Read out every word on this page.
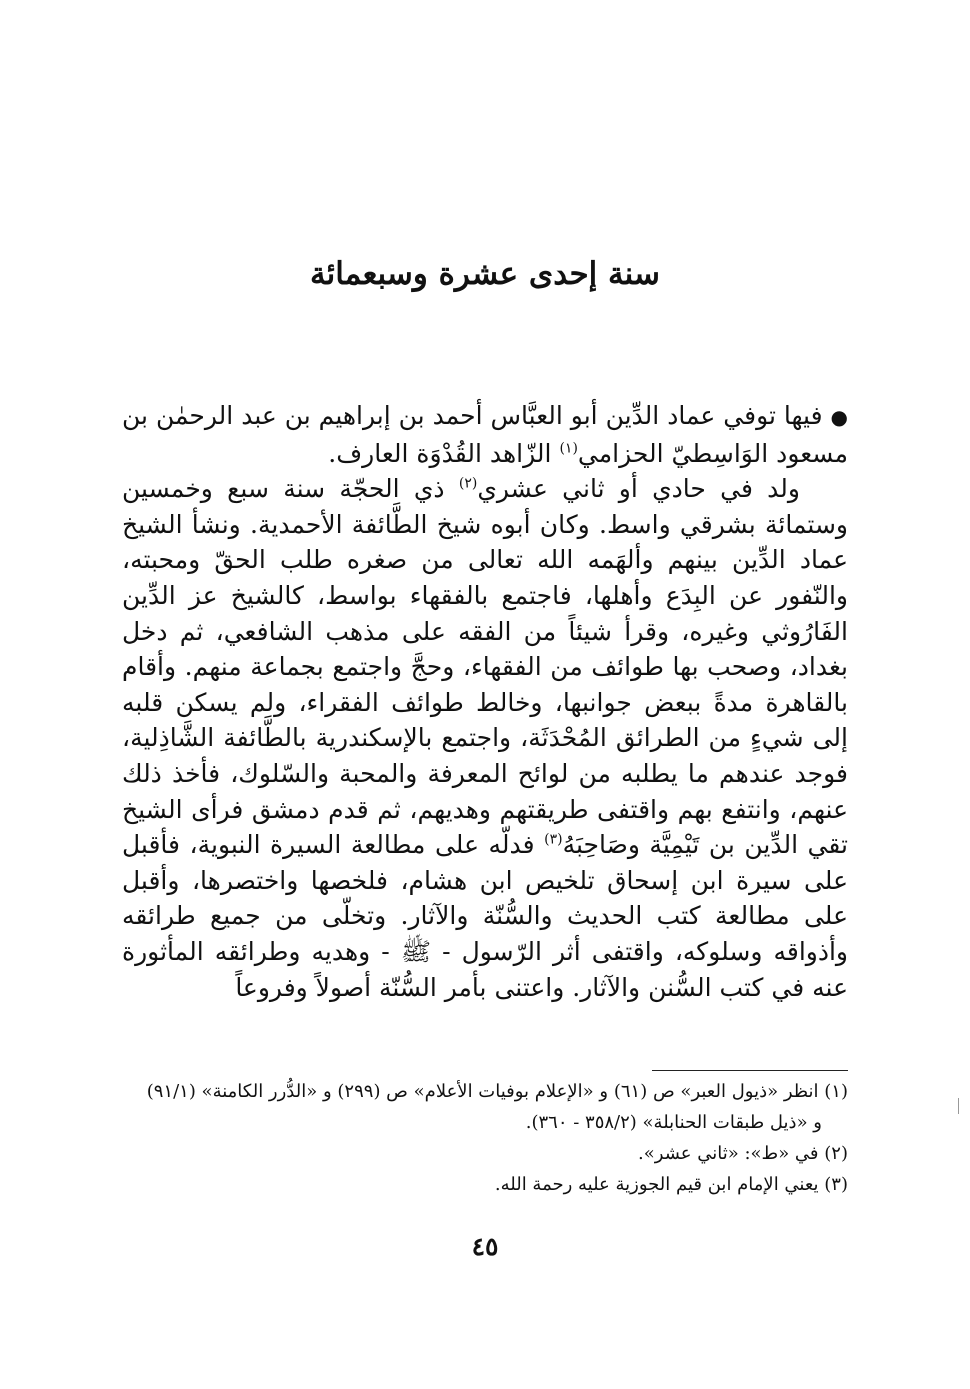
سنة إحدى عشرة وسبعمائة

●فيها توفي عماد الدِّين أبو العبَّاس أحمد بن إبراهيم بن عبد الرحمٰن بن مسعود الوَاسِطيّ الحزامي$^{(١)}$ الزّاهد القُدْوَة العارف.

ولد في حادي أو ثاني عشري$^{(٢)}$ ذي الحجّة سنة سبع وخمسين وستمائة بشرقي واسط. وكان أبوه شيخ الطَّائفة الأحمدية. ونشأ الشيخ عماد الدِّين بينهم وألهَمه الله تعالى من صغره طلب الحقّ ومحبته، والنّفور عن البِدَع وأهلها، فاجتمع بالفقهاء بواسط، كالشيخ عز الدِّين الفَارُوثي وغيره، وقرأ شيئاً من الفقه على مذهب الشافعي، ثم دخل بغداد، وصحب بها طوائف من الفقهاء، وحجَّ واجتمع بجماعة منهم. وأقام بالقاهرة مدةً ببعض جوانبها، وخالط طوائف الفقراء، ولم يسكن قلبه إلى شيءٍ من الطرائق المُحْدَثَة، واجتمع بالإسكندرية بالطَّائفة الشَّاذِلية، فوجد عندهم ما يطلبه من لوائح المعرفة والمحبة والسّلوك، فأخذ ذلك عنهم، وانتفع بهم واقتفى طريقتهم وهديهم، ثم قدم دمشق فرأى الشيخ تقي الدِّين بن تَيْمِيَّة وصَاحِبَهُ$^{(٣)}$ فدلّه على مطالعة السيرة النبوية، فأقبل على سيرة ابن إسحاق تلخيص ابن هشام، فلخصها واختصرها، وأقبل على مطالعة كتب الحديث والسُّنّة والآثار. وتخلّى من جميع طرائقه وأذواقه وسلوكه، واقتفى أثر الرّسول - ﷺ - وهديه وطرائقه المأثورة عنه في كتب السُّنن والآثار. واعتنى بأمر السُّنّة أصولاً وفروعاً

(١) انظر «ذيول العبر» ص (٦١) و «الإعلام بوفيات الأعلام» ص (٢٩٩) و «الدُّرر الكامنة» (٩١/١)
و «ذيل طبقات الحنابلة» (٣٥٨/٢ - ٣٦٠).
(٢) في «ط»: «ثاني عشر».
(٣) يعني الإمام ابن قيم الجوزية عليه رحمة الله.
٤٥
